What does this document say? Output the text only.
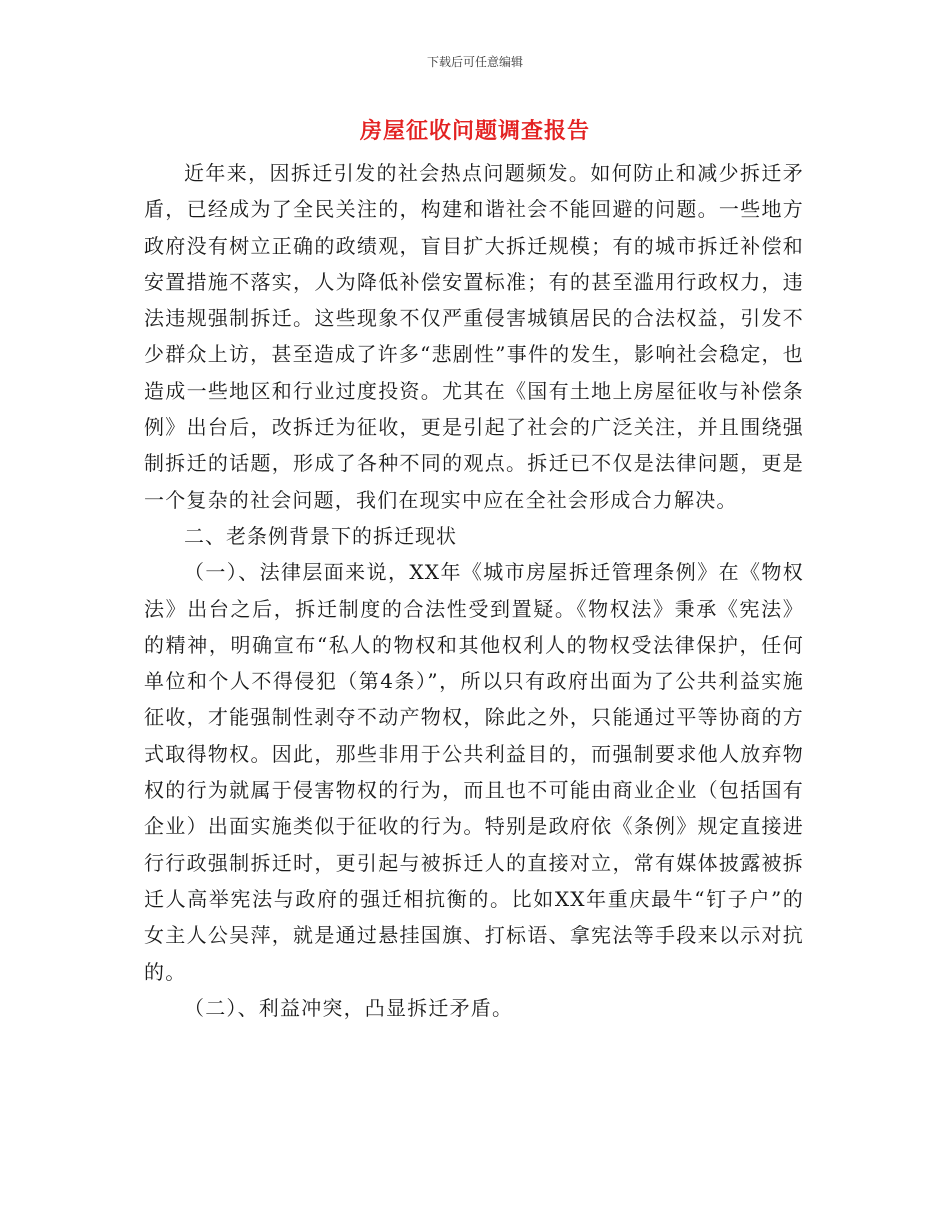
下载后可任意编辑
房屋征收问题调查报告

近年来，因拆迁引发的社会热点问题频发。如何防止和减少拆迁矛盾，已经成为了全民关注的，构建和谐社会不能回避的问题。一些地方政府没有树立正确的政绩观，盲目扩大拆迁规模；有的城市拆迁补偿和安置措施不落实，人为降低补偿安置标准；有的甚至滥用行政权力，违法违规强制拆迁。这些现象不仅严重侵害城镇居民的合法权益，引发不少群众上访，甚至造成了许多“悲剧性”事件的发生，影响社会稳定，也造成一些地区和行业过度投资。尤其在《国有土地上房屋征收与补偿条例》出台后，改拆迁为征收，更是引起了社会的广泛关注，并且围绕强制拆迁的话题，形成了各种不同的观点。拆迁已不仅是法律问题，更是一个复杂的社会问题，我们在现实中应在全社会形成合力解决。

二、老条例背景下的拆迁现状

（一）、法律层面来说，XX年《城市房屋拆迁管理条例》在《物权法》出台之后，拆迁制度的合法性受到置疑。《物权法》秉承《宪法》的精神，明确宣布“私人的物权和其他权利人的物权受法律保护，任何单位和个人不得侵犯（第4条）”，所以只有政府出面为了公共利益实施征收，才能强制性剥夺不动产物权，除此之外，只能通过平等协商的方式取得物权。因此，那些非用于公共利益目的，而强制要求他人放弃物权的行为就属于侵害物权的行为，而且也不可能由商业企业（包括国有企业）出面实施类似于征收的行为。特别是政府依《条例》规定直接进行行政强制拆迁时，更引起与被拆迁人的直接对立，常有媒体披露被拆迁人高举宪法与政府的强迁相抗衡的。比如XX年重庆最牛“钉子户”的女主人公吴萍，就是通过悬挂国旗、打标语、拿宪法等手段来以示对抗的。

（二）、利益冲突，凸显拆迁矛盾。
